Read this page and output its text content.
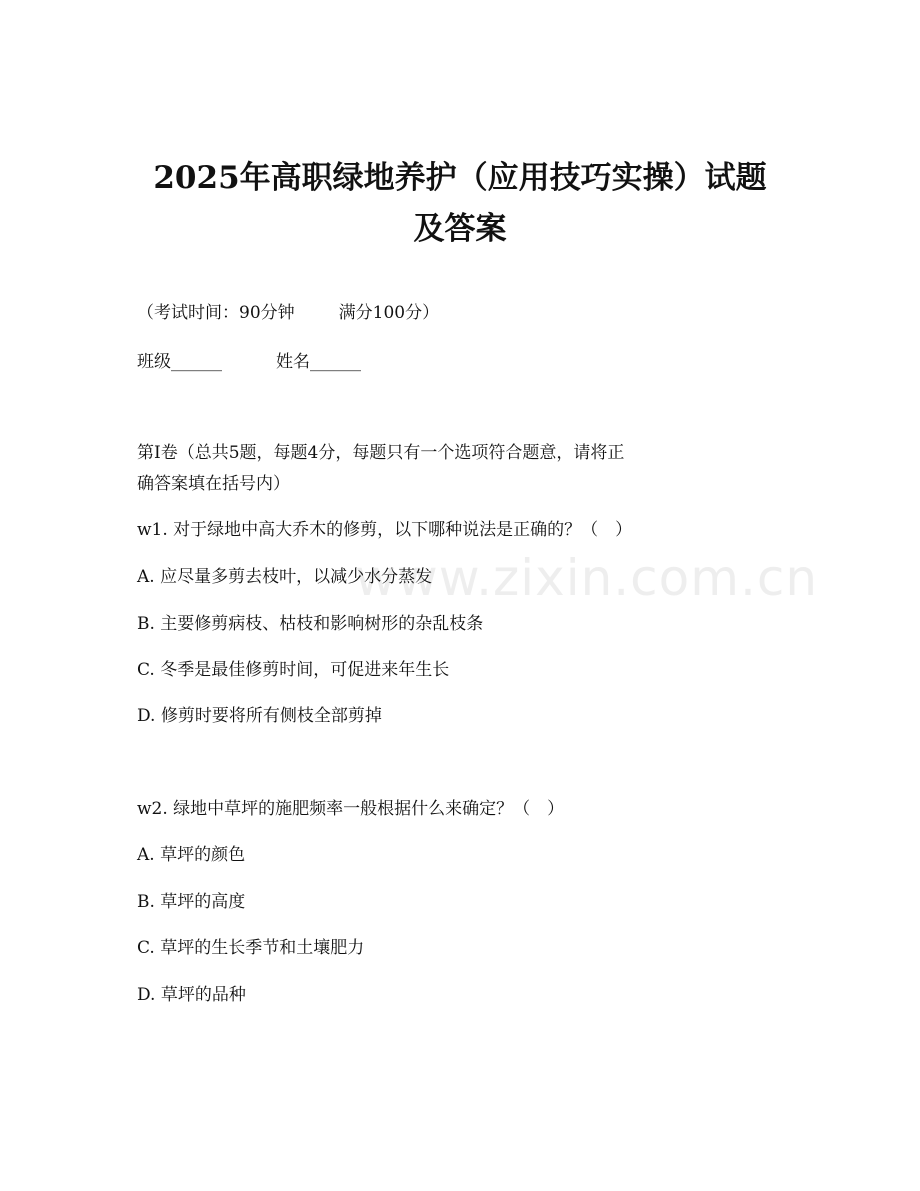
www.zixin.com.cn
2025年高职绿地养护（应用技巧实操）试题
及答案
（考试时间：90分钟	满分100分）
班级______	姓名______
第Ⅰ卷（总共5题，每题4分，每题只有一个选项符合题意，请将正
确答案填在括号内）
w1. 对于绿地中高大乔木的修剪，以下哪种说法是正确的？（　）
A. 应尽量多剪去枝叶，以减少水分蒸发
B. 主要修剪病枝、枯枝和影响树形的杂乱枝条
C. 冬季是最佳修剪时间，可促进来年生长
D. 修剪时要将所有侧枝全部剪掉
w2. 绿地中草坪的施肥频率一般根据什么来确定？（　）
A. 草坪的颜色
B. 草坪的高度
C. 草坪的生长季节和土壤肥力
D. 草坪的品种
